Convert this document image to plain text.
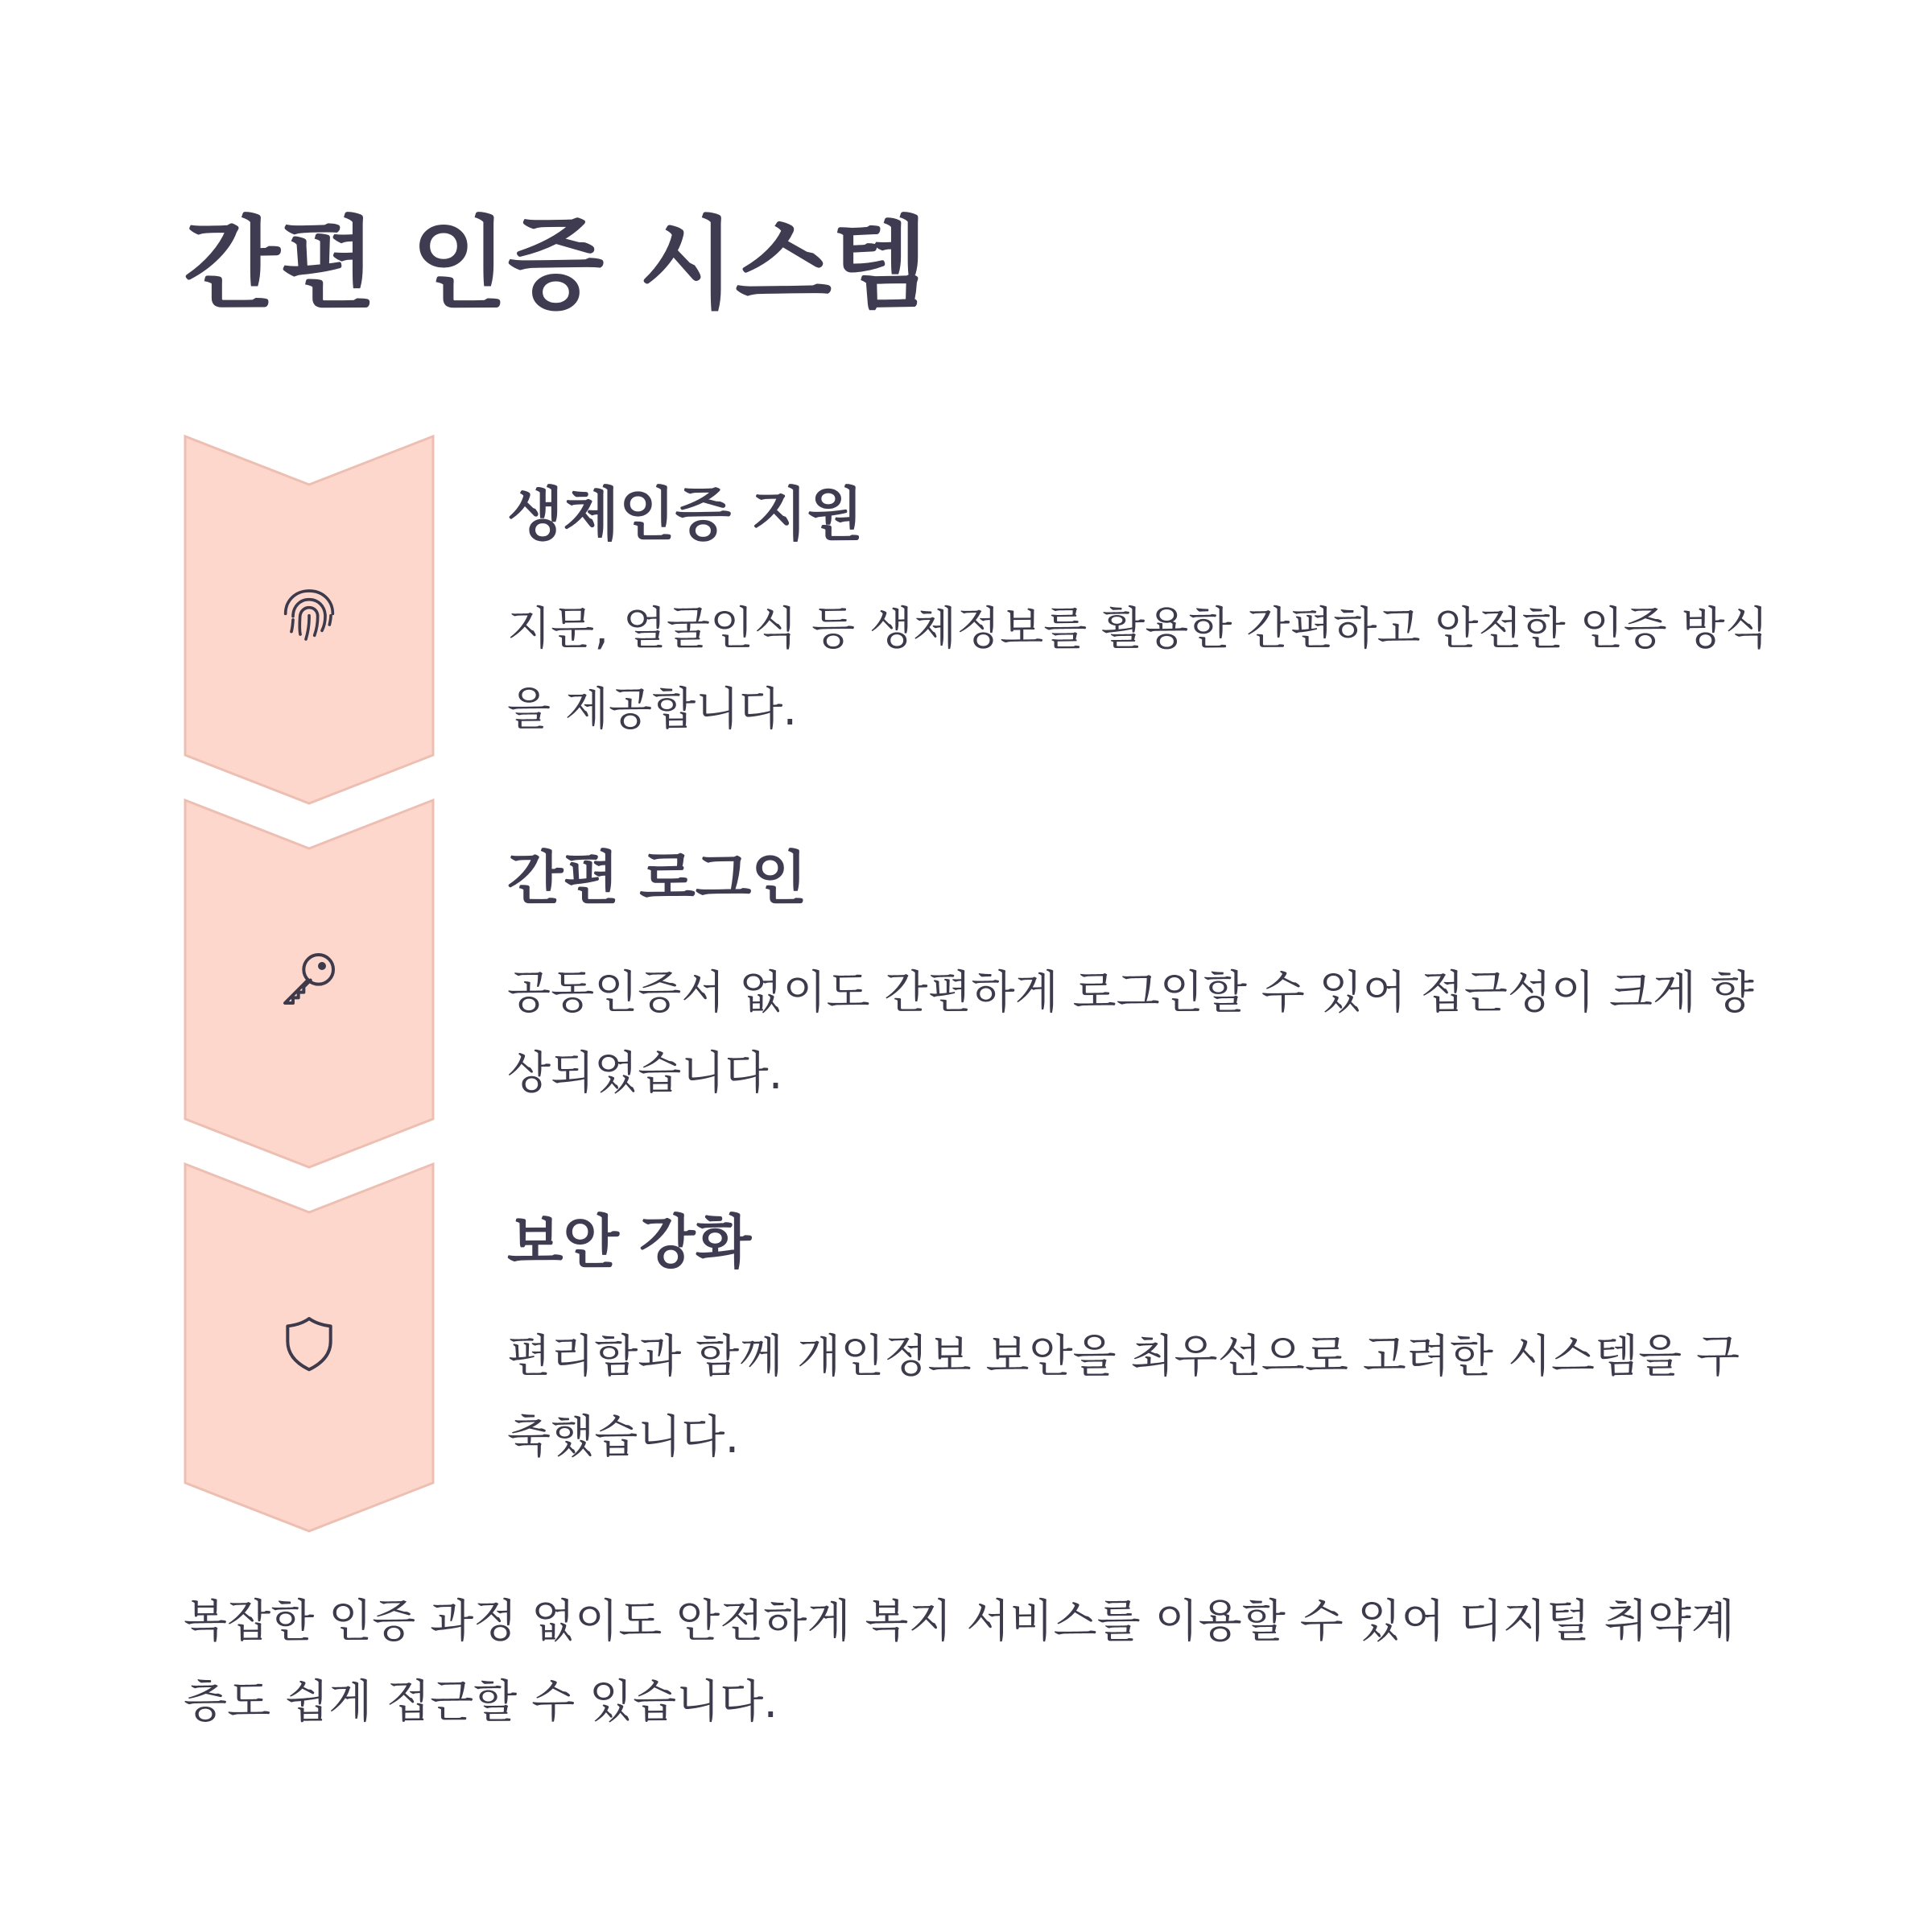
간편 인증 시스템
생체인증 지원

지문, 얼굴인식 등 생체정보를 활용한 간편하고 안전한 인증 방식을 제공합니다.

간편 로그인

공동인증서 없이도 간편하게 로그인할 수 있어 접근성이 크게 향상되었습니다.

보안 강화

편리함과 함께 개인정보 보안을 최우선으로 고려한 시스템을 구축했습니다.

복잡한 인증 과정 없이도 안전하게 복지 서비스를 이용할 수 있어 디지털 취약계층도 쉽게 접근할 수 있습니다.
